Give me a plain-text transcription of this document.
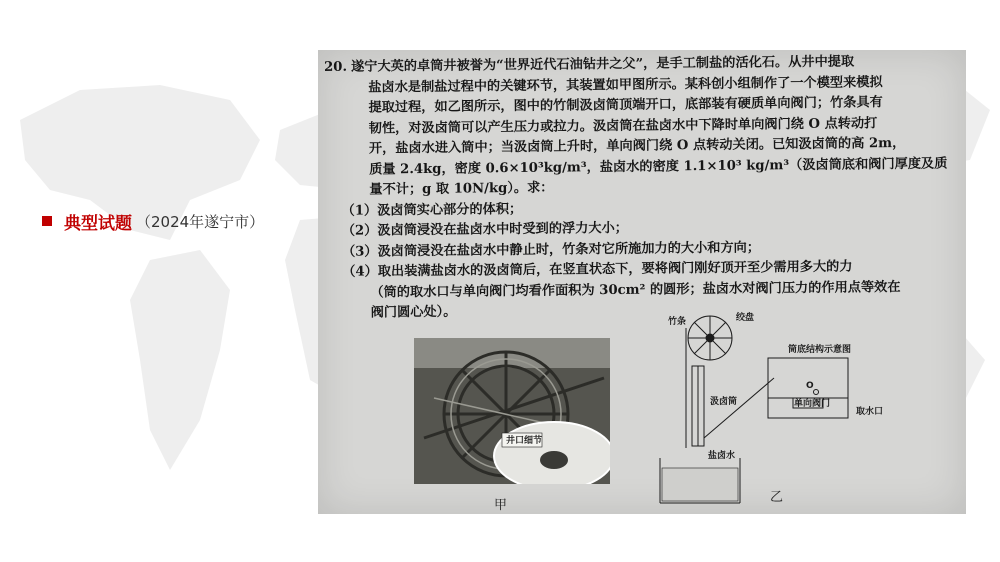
典型试题 （2024年遂宁市）
20. 遂宁大英的卓筒井被誉为“世界近代石油钻井之父”，是手工制盐的活化石。从井中提取
盐卤水是制盐过程中的关键环节，其装置如甲图所示。某科创小组制作了一个模型来模拟
提取过程，如乙图所示，图中的竹制汲卤筒顶端开口，底部装有硬质单向阀门；竹条具有
韧性，对汲卤筒可以产生压力或拉力。汲卤筒在盐卤水中下降时单向阀门绕 O 点转动打
开，盐卤水进入筒中；当汲卤筒上升时，单向阀门绕 O 点转动关闭。已知汲卤筒的高 2m，
质量 2.4kg，密度 0.6×10³kg/m³，盐卤水的密度 1.1×10³ kg/m³（汲卤筒底和阀门厚度及质
量不计；g 取 10N/kg）。求：
（1）汲卤筒实心部分的体积；
（2）汲卤筒浸没在盐卤水中时受到的浮力大小；
（3）汲卤筒浸没在盐卤水中静止时，竹条对它所施加力的大小和方向；
（4）取出装满盐卤水的汲卤筒后，在竖直状态下，要将阀门刚好顶开至少需用多大的力
（筒的取水口与单向阀门均看作面积为 30cm² 的圆形；盐卤水对阀门压力的作用点等效在
阀门圆心处）。
井口细节
绞盘
竹条
汲卤筒
盐卤水
筒底结构示意图
O
单向阀门
取水口
甲
乙
